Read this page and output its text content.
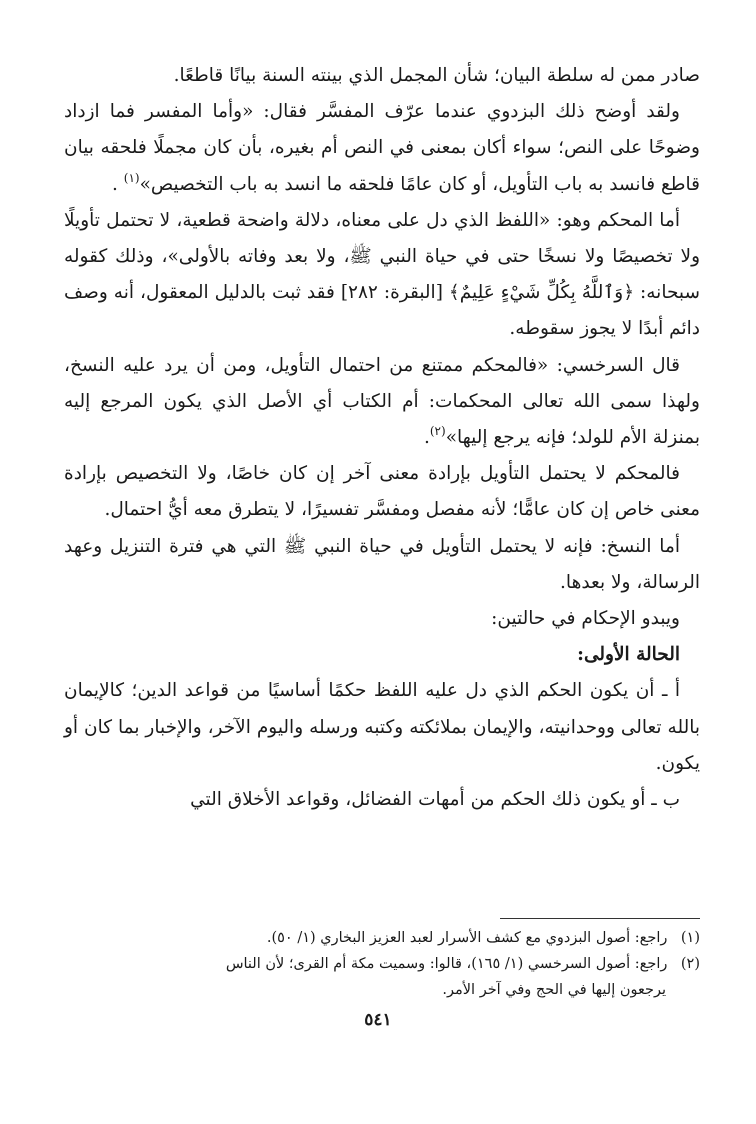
صادر ممن له سلطة البيان؛ شأن المجمل الذي بينته السنة بيانًا قاطعًا.

ولقد أوضح ذلك البزدوي عندما عرّف المفسَّر فقال: «وأما المفسر فما ازداد وضوحًا على النص؛ سواء أكان بمعنى في النص أم بغيره، بأن كان مجملًا فلحقه بيان قاطع فانسد به باب التأويل، أو كان عامًا فلحقه ما انسد به باب التخصيص»$^{(١)}$ .

أما المحكم وهو: «اللفظ الذي دل على معناه، دلالة واضحة قطعية، لا تحتمل تأويلًا ولا تخصيصًا ولا نسخًا حتى في حياة النبي ﷺ، ولا بعد وفاته بالأولى»، وذلك كقوله سبحانه: ﴿وَٱللَّهُ بِكُلِّ شَيْءٍ عَلِيمٌ﴾ [البقرة: ٢٨٢] فقد ثبت بالدليل المعقول، أنه وصف دائم أبدًا لا يجوز سقوطه.

قال السرخسي: «فالمحكم ممتنع من احتمال التأويل، ومن أن يرد عليه النسخ، ولهذا سمى الله تعالى المحكمات: أم الكتاب أي الأصل الذي يكون المرجع إليه بمنزلة الأم للولد؛ فإنه يرجع إليها»$^{(٢)}$.

فالمحكم لا يحتمل التأويل بإرادة معنى آخر إن كان خاصًا، ولا التخصيص بإرادة معنى خاص إن كان عامًّا؛ لأنه مفصل ومفسَّر تفسيرًا، لا يتطرق معه أيُّ احتمال.

أما النسخ: فإنه لا يحتمل التأويل في حياة النبي ﷺ التي هي فترة التنزيل وعهد الرسالة، ولا بعدها.

ويبدو الإحكام في حالتين:

الحالة الأولى:

أ ـ أن يكون الحكم الذي دل عليه اللفظ حكمًا أساسيًا من قواعد الدين؛ كالإيمان بالله تعالى ووحدانيته، والإيمان بملائكته وكتبه ورسله واليوم الآخر، والإخبار بما كان أو يكون.

ب ـ أو يكون ذلك الحكم من أمهات الفضائل، وقواعد الأخلاق التي

(١) راجع: أصول البزدوي مع كشف الأسرار لعبد العزيز البخاري (١/ ٥٠).

(٢) راجع: أصول السرخسي (١/ ١٦٥)، قالوا: وسميت مكة أم القرى؛ لأن الناس

يرجعون إليها في الحج وفي آخر الأمر.

٥٤١
